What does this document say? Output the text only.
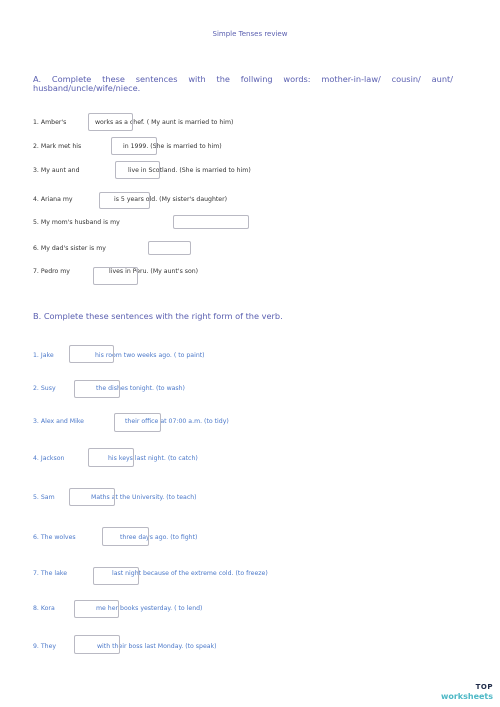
Simple Tenses review
A. Complete these sentences with the follwing words: mother-in-law/ cousin/ aunt/
husband/uncle/wife/niece.
1. Amber's	works as a chef. ( My aunt is married to him)
2. Mark met his	in 1999. (She is married to him)
3. My aunt and	live in Scotland. (She is married to him)
4. Ariana my	is 5 years old. (My sister's daughter)
5. My mom's husband is my
6. My dad's sister is my
7. Pedro my	lives in Peru. (My aunt's son)
B. Complete these sentences with the right form of the verb.
1. Jake	his room two weeks ago. ( to paint)
2. Susy	the dishes tonight. (to wash)
3. Alex and Mike	their office at 07:00 a.m. (to tidy)
4. Jackson	his keys last night. (to catch)
5. Sam	Maths at the University. (to teach)
6. The wolves	three days ago. (to fight)
7. The lake	last night because of the extreme cold. (to freeze)
8. Kora	me her books yesterday. ( to lend)
9. They	with their boss last Monday. (to speak)
TOP
worksheets
